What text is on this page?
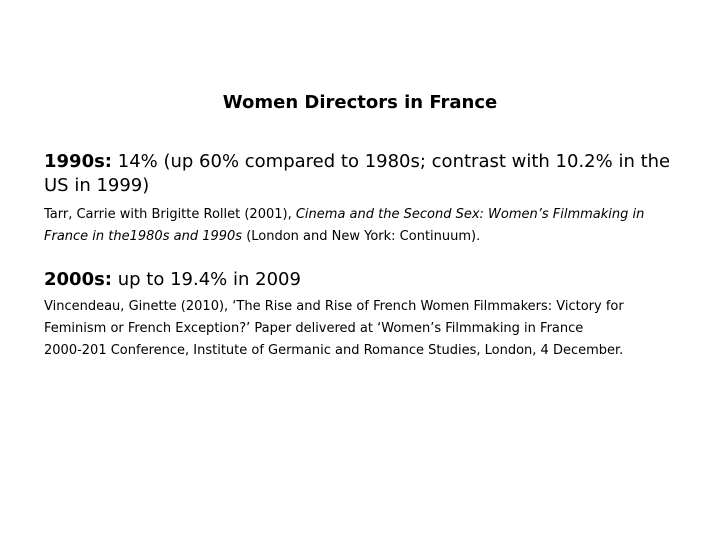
Women Directors in France

1990s: 14% (up 60% compared to 1980s; contrast with 10.2% in the US in 1999)

Tarr, Carrie with Brigitte Rollet (2001), Cinema and the Second Sex: Women’s Filmmaking in France in the1980s and 1990s (London and New York: Continuum).

2000s: up to 19.4% in 2009

Vincendeau, Ginette (2010), ‘The Rise and Rise of French Women Filmmakers: Victory for Feminism or French Exception?’ Paper delivered at ‘Women’s Filmmaking in France

2000-201 Conference, Institute of Germanic and Romance Studies, London, 4 December.
